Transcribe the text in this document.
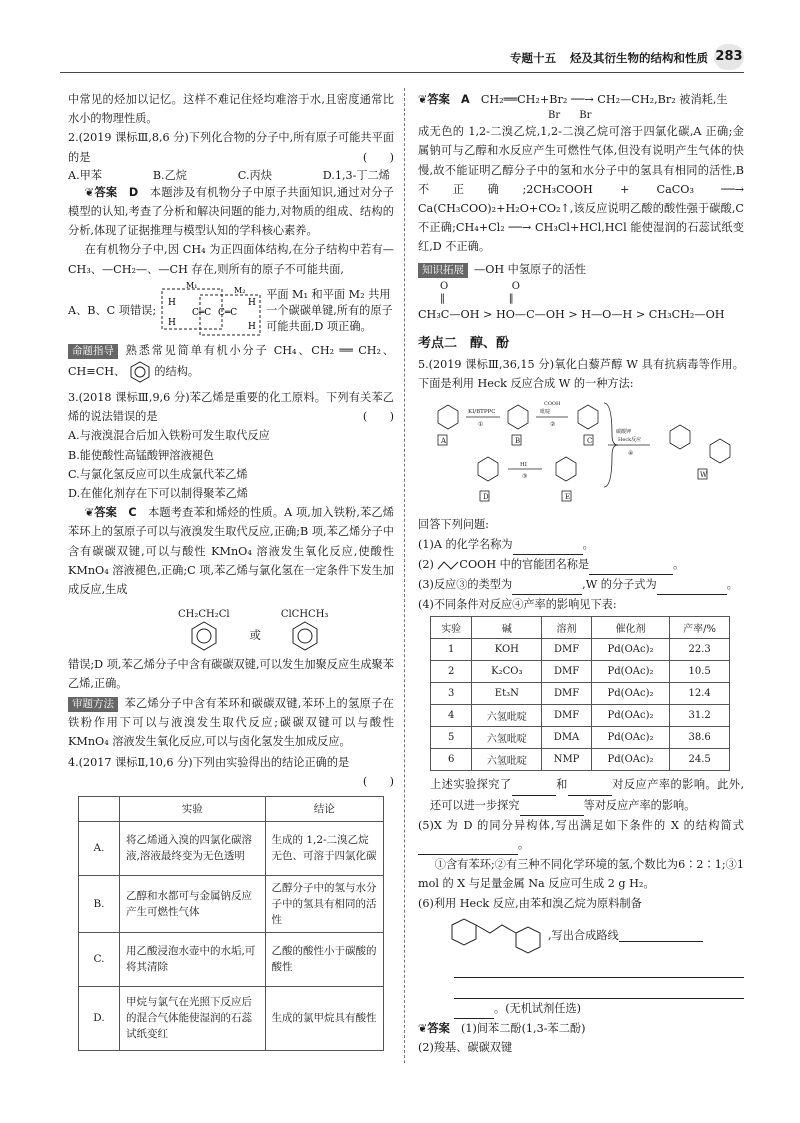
专题十五 烃及其衍生物的结构和性质 283

中常见的烃加以记忆。这样不难记住烃均难溶于水,且密度通常比水小的物理性质。

2.(2019 课标Ⅲ,8,6 分)下列化合物的分子中,所有原子可能共平面的是	(　　)

A.甲苯	B.乙烷	C.丙炔	D.1,3-丁二烯

❦答案　 D　 本题涉及有机物分子中原子共面知识,通过对分子模型的认知,考查了分析和解决问题的能力,对物质的组成、结构的分析,体现了证据推理与模型认知的学科核心素养。

在有机物分子中,因 CH₄ 为正四面体结构,在分子结构中若有—CH₃、—CH₂—、—CH 存在,则所有的原子不可能共面,

A、B、C 项错误;
M₁
M₂
H
H
C═C C═C
H
H
平面 M₁ 和平面 M₂ 共用一个碳碳单键,所有的原子可能共面,D 项正确。

命题指导 熟悉常见简单有机小分子 CH₄、CH₂ ══ CH₂、CH≡CH、	的结构。

3.(2018 课标Ⅲ,9,6 分)苯乙烯是重要的化工原料。下列有关苯乙烯的说法错误的是	(　　)

A.与液溴混合后加入铁粉可发生取代反应

B.能使酸性高锰酸钾溶液褪色

C.与氯化氢反应可以生成氯代苯乙烯

D.在催化剂存在下可以制得聚苯乙烯

❦答案　 C　 本题考查苯和烯烃的性质。A 项,加入铁粉,苯乙烯苯环上的氢原子可以与液溴发生取代反应,正确;B 项,苯乙烯分子中含有碳碳双键,可以与酸性 KMnO₄ 溶液发生氧化反应,使酸性 KMnO₄ 溶液褪色,正确;C 项,苯乙烯与氯化氢在一定条件下发生加成反应,生成

CH₂CH₂Cl
或
ClCHCH₃

错误;D 项,苯乙烯分子中含有碳碳双键,可以发生加聚反应生成聚苯乙烯,正确。

审题方法 苯乙烯分子中含有苯环和碳碳双键,苯环上的氢原子在铁粉作用下可以与液溴发生取代反应;碳碳双键可以与酸性 KMnO₄ 溶液发生氧化反应,可以与卤化氢发生加成反应。

4.(2017 课标Ⅱ,10,6 分)下列由实验得出的结论正确的是

(　　)

	实验	结论
A.	将乙烯通入溴的四氯化碳溶液,溶液最终变为无色透明	生成的 1,2-二溴乙烷无色、可溶于四氯化碳
B.	乙醇和水都可与金属钠反应产生可燃性气体	乙醇分子中的氢与水分子中的氢具有相同的活性
C.	用乙酸浸泡水壶中的水垢,可将其清除	乙酸的酸性小于碳酸的酸性
D.	甲烷与氯气在光照下反应后的混合气体能使湿润的石蕊试纸变红	生成的氯甲烷具有酸性

❦答案　 A　 CH₂══CH₂+Br₂ ──→ CH₂—CH₂,Br₂ 被消耗,生

Br Br

成无色的 1,2-二溴乙烷,1,2-二溴乙烷可溶于四氯化碳,A 正确;金属钠可与乙醇和水反应产生可燃性气体,但没有说明产生气体的快慢,故不能证明乙醇分子中的氢和水分子中的氢具有相同的活性,B 不正确;2CH₃COOH + CaCO₃ ──→ Ca(CH₃COO)₂+H₂O+CO₂↑,该反应说明乙酸的酸性强于碳酸,C 不正确;CH₄+Cl₂ ──→ CH₃Cl+HCl,HCl 能使湿润的石蕊试纸变红,D 不正确。

知识拓展 —OH 中氢原子的活性

O	O
‖                    ‖

CH₃C—OH > HO—C—OH > H—O—H > CH₃CH₂—OH

考点二　醇、酚

5.(2019 课标Ⅲ,36,15 分)氧化白藜芦醇 W 具有抗病毒等作用。下面是利用 Heck 反应合成 W 的一种方法:

A	B	C
D	E
W
KI/BTPPC
①	②
③
HI
④
Heck反应
COOH
吡啶
碳酸钾

回答下列问题:

(1)A 的化学名称为	。

(2) COOH 中的官能团名称是	。

(3)反应③的类型为	,W 的分子式为	。

(4)不同条件对反应④产率的影响见下表:

实验	碱	溶剂	催化剂	产率/%
1	KOH	DMF	Pd(OAc)₂	22.3
2	K₂CO₃	DMF	Pd(OAc)₂	10.5
3	Et₃N	DMF	Pd(OAc)₂	12.4
4	六氢吡啶	DMF	Pd(OAc)₂	31.2
5	六氢吡啶	DMA	Pd(OAc)₂	38.6
6	六氢吡啶	NMP	Pd(OAc)₂	24.5

上述实验探究了	和	对反应产率的影响。此外,还可以进一步探究	等对反应产率的影响。

(5)X 为 D 的同分异构体,写出满足如下条件的 X 的结构简式 。

①含有苯环;②有三种不同化学环境的氢,个数比为6∶2∶1;③1 mol 的 X 与足量金属 Na 反应可生成 2 g H₂。

(6)利用 Heck 反应,由苯和溴乙烷为原料制备

,写出合成路线

。(无机试剂任选)

❦答案　 (1)间苯二酚(1,3-苯二酚)

(2)羧基、碳碳双键
